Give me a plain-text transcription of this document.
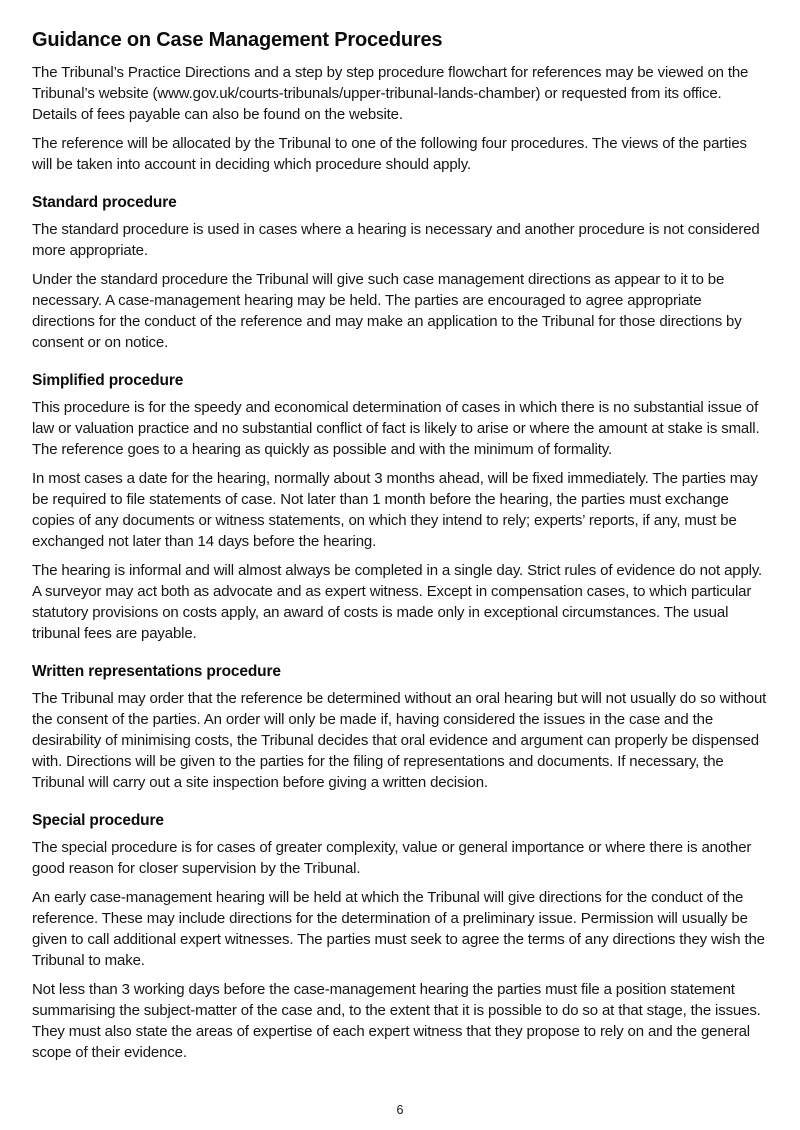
Guidance on Case Management Procedures

The Tribunal’s Practice Directions and a step by step procedure flowchart for references may be viewed on the Tribunal’s website (www.gov.uk/courts-tribunals/upper-tribunal-lands-chamber) or requested from its office. Details of fees payable can also be found on the website.

The reference will be allocated by the Tribunal to one of the following four procedures. The views of the parties will be taken into account in deciding which procedure should apply.

Standard procedure

The standard procedure is used in cases where a hearing is necessary and another procedure is not considered more appropriate.

Under the standard procedure the Tribunal will give such case management directions as appear to it to be necessary. A case-management hearing may be held. The parties are encouraged to agree appropriate directions for the conduct of the reference and may make an application to the Tribunal for those directions by consent or on notice.

Simplified procedure

This procedure is for the speedy and economical determination of cases in which there is no substantial issue of law or valuation practice and no substantial conflict of fact is likely to arise or where the amount at stake is small. The reference goes to a hearing as quickly as possible and with the minimum of formality.

In most cases a date for the hearing, normally about 3 months ahead, will be fixed immediately. The parties may be required to file statements of case. Not later than 1 month before the hearing, the parties must exchange copies of any documents or witness statements, on which they intend to rely; experts’ reports, if any, must be exchanged not later than 14 days before the hearing.

The hearing is informal and will almost always be completed in a single day. Strict rules of evidence do not apply. A surveyor may act both as advocate and as expert witness. Except in compensation cases, to which particular statutory provisions on costs apply, an award of costs is made only in exceptional circumstances. The usual tribunal fees are payable.

Written representations procedure

The Tribunal may order that the reference be determined without an oral hearing but will not usually do so without the consent of the parties. An order will only be made if, having considered the issues in the case and the desirability of minimising costs, the Tribunal decides that oral evidence and argument can properly be dispensed with. Directions will be given to the parties for the filing of representations and documents. If necessary, the Tribunal will carry out a site inspection before giving a written decision.

Special procedure

The special procedure is for cases of greater complexity, value or general importance or where there is another good reason for closer supervision by the Tribunal.

An early case-management hearing will be held at which the Tribunal will give directions for the conduct of the reference. These may include directions for the determination of a preliminary issue. Permission will usually be given to call additional expert witnesses. The parties must seek to agree the terms of any directions they wish the Tribunal to make.

Not less than 3 working days before the case-management hearing the parties must file a position statement summarising the subject-matter of the case and, to the extent that it is possible to do so at that stage, the issues. They must also state the areas of expertise of each expert witness that they propose to rely on and the general scope of their evidence.

6
